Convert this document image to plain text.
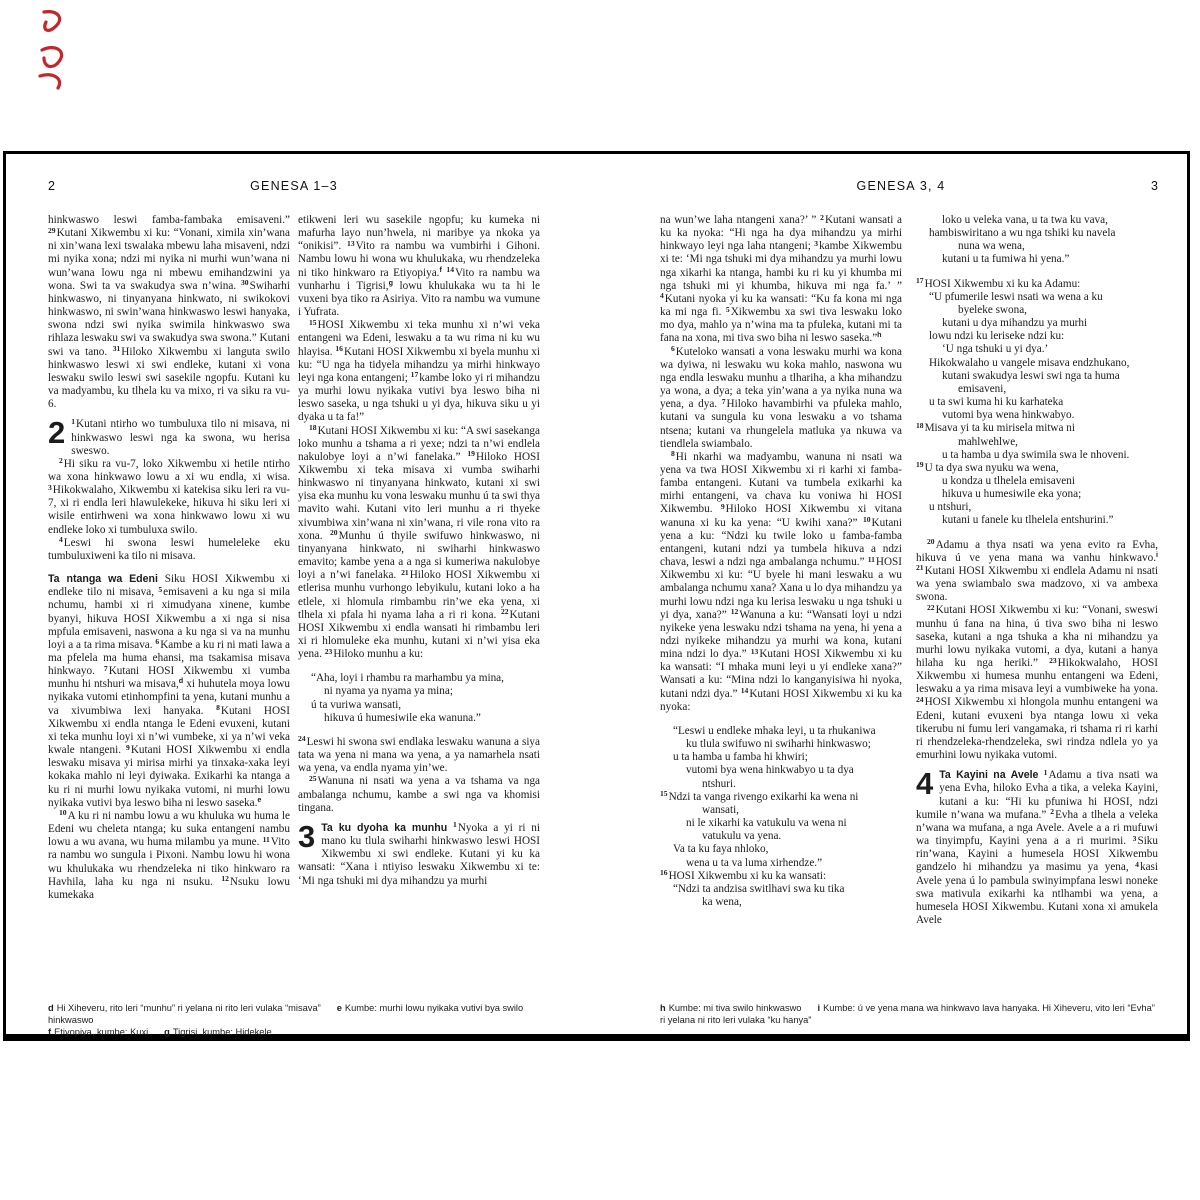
2	GENESA 1–3	GENESA 3, 4	3

hinkwaswo leswi famba-fambaka emisaveni.” $^{29}$Kutani Xikwembu xi ku: “Vonani, ximila xin’wana ni xin’wana lexi tswalaka mbewu laha misaveni, ndzi mi nyika xona; ndzi mi nyika ni murhi wun’wana ni wun’wana lowu nga ni mbewu emihandzwini ya wona. Swi ta va swakudya swa n’wina. $^{30}$Swiharhi hinkwaswo, ni tinyanyana hinkwato, ni swikokovi hinkwaswo, ni swin’wana hinkwaswo leswi hanyaka, swona ndzi swi nyika swimila hinkwaswo swa rihlaza leswaku swi va swakudya swa swona.” Kutani swi va tano. $^{31}$Hiloko Xikwembu xi languta swilo hinkwaswo leswi xi swi endleke, kutani xi vona leswaku swilo leswi swi sasekile ngopfu. Kutani ku va madyambu, ku tlhela ku va mixo, ri va siku ra vu-6.

2 $^1$Kutani ntirho wo tumbuluxa tilo ni misava, ni hinkwaswo leswi nga ka swona, wu herisa sweswo.

$^2$Hi siku ra vu-7, loko Xikwembu xi hetile ntirho wa xona hinkwawo lowu a xi wu endla, xi wisa. $^3$Hikokwalaho, Xikwembu xi katekisa siku leri ra vu-7, xi ri endla leri hlawulekeke, hikuva hi siku leri xi wisile entirhweni wa xona hinkwawo lowu xi wu endleke loko xi tumbuluxa swilo.

$^4$Leswi hi swona leswi humeleleke eku tumbuluxiweni ka tilo ni misava.

Ta ntanga wa Edeni Siku HOSI Xikwembu xi endleke tilo ni misava, $^5$emisaveni a ku nga si mila nchumu, hambi xi ri ximudyana xinene, kumbe byanyi, hikuva HOSI Xikwembu a xi nga si nisa mpfula emisaveni, naswona a ku nga si va na munhu loyi a a ta rima misava. $^6$Kambe a ku ri ni mati lawa a ma pfelela ma huma ehansi, ma tsakamisa misava hinkwayo. $^7$Kutani HOSI Xikwembu xi vumba munhu hi ntshuri wa misava,$^d$ xi huhutela moya lowu nyikaka vutomi etinhompfini ta yena, kutani munhu a va xivumbiwa lexi hanyaka. $^8$Kutani HOSI Xikwembu xi endla ntanga le Edeni evuxeni, kutani xi teka munhu loyi xi n’wi vumbeke, xi ya n’wi veka kwale ntangeni. $^9$Kutani HOSI Xikwembu xi endla leswaku misava yi mirisa mirhi ya tinxaka-xaka leyi kokaka mahlo ni leyi dyiwaka. Exikarhi ka ntanga a ku ri ni murhi lowu nyikaka vutomi, ni murhi lowu nyikaka vutivi bya leswo biha ni leswo saseka.$^e$

$^{10}$A ku ri ni nambu lowu a wu khuluka wu huma le Edeni wu cheleta ntanga; ku suka entangeni nambu lowu a wu avana, wu huma milambu ya mune. $^{11}$Vito ra nambu wo sungula i Pixoni. Nambu lowu hi wona wu khulukaka wu rhendzeleka ni tiko hinkwaro ra Havhila, laha ku nga ni nsuku. $^{12}$Nsuku lowu kumekaka

etikweni leri wu sasekile ngopfu; ku kumeka ni mafurha layo nun’hwela, ni maribye ya nkoka ya “onikisi”. $^{13}$Vito ra nambu wa vumbirhi i Gihoni. Nambu lowu hi wona wu khulukaka, wu rhendzeleka ni tiko hinkwaro ra Etiyopiya.$^f$ $^{14}$Vito ra nambu wa vunharhu i Tigrisi,$^g$ lowu khulukaka wu ta hi le vuxeni bya tiko ra Asiriya. Vito ra nambu wa vumune i Yufrata.

$^{15}$HOSI Xikwembu xi teka munhu xi n’wi veka entangeni wa Edeni, leswaku a ta wu rima ni ku wu hlayisa. $^{16}$Kutani HOSI Xikwembu xi byela munhu xi ku: “U nga ha tidyela mihandzu ya mirhi hinkwayo leyi nga kona entangeni; $^{17}$kambe loko yi ri mihandzu ya murhi lowu nyikaka vutivi bya leswo biha ni leswo saseka, u nga tshuki u yi dya, hikuva siku u yi dyaka u ta fa!”

$^{18}$Kutani HOSI Xikwembu xi ku: “A swi sasekanga loko munhu a tshama a ri yexe; ndzi ta n’wi endlela nakulobye loyi a n’wi fanelaka.” $^{19}$Hiloko HOSI Xikwembu xi teka misava xi vumba swiharhi hinkwaswo ni tinyanyana hinkwato, kutani xi swi yisa eka munhu ku vona leswaku munhu ú ta swi thya mavito wahi. Kutani vito leri munhu a ri thyeke xivumbiwa xin’wana ni xin’wana, ri vile rona vito ra xona. $^{20}$Munhu ú thyile swifuwo hinkwaswo, ni tinyanyana hinkwato, ni swiharhi hinkwaswo emavito; kambe yena a a nga si kumeriwa nakulobye loyi a n’wi fanelaka. $^{21}$Hiloko HOSI Xikwembu xi etlerisa munhu vurhongo lebyikulu, kutani loko a ha etlele, xi hlomula rimbambu rin’we eka yena, xi tlhela xi pfala hi nyama laha a ri ri kona. $^{22}$Kutani HOSI Xikwembu xi endla wansati hi rimbambu leri xi ri hlomuleke eka munhu, kutani xi n’wi yisa eka yena. $^{23}$Hiloko munhu a ku:

“Aha, loyi i rhambu ra marhambu ya mina,
ni nyama ya nyama ya mina;
ú ta vuriwa wansati,
hikuva ú humesiwile eka wanuna.”

$^{24}$Leswi hi swona swi endlaka leswaku wanuna a siya tata wa yena ni mana wa yena, a ya namarhela nsati wa yena, va endla nyama yin’we.

$^{25}$Wanuna ni nsati wa yena a va tshama va nga ambalanga nchumu, kambe a swi nga va khomisi tingana.

3 Ta ku dyoha ka munhu $^1$Nyoka a yi ri ni mano ku tlula swiharhi hinkwaswo leswi HOSI Xikwembu xi swi endleke. Kutani yi ku ka wansati: “Xana i ntiyiso leswaku Xikwembu xi te: ‘Mi nga tshuki mi dya mihandzu ya murhi

na wun’we laha ntangeni xana?’ ” $^2$Kutani wansati a ku ka nyoka: “Hi nga ha dya mihandzu ya mirhi hinkwayo leyi nga laha ntangeni; $^3$kambe Xikwembu xi te: ‘Mi nga tshuki mi dya mihandzu ya murhi lowu nga xikarhi ka ntanga, hambi ku ri ku yi khumba mi nga tshuki mi yi khumba, hikuva mi nga fa.’ ” $^4$Kutani nyoka yi ku ka wansati: “Ku fa kona mi nga ka mi nga fi. $^5$Xikwembu xa swi tiva leswaku loko mo dya, mahlo ya n’wina ma ta pfuleka, kutani mi ta fana na xona, mi tiva swo biha ni leswo saseka.”$^h$

$^6$Kuteloko wansati a vona leswaku murhi wa kona wa dyiwa, ni leswaku wu koka mahlo, naswona wu nga endla leswaku munhu a tlhariha, a kha mihandzu ya wona, a dya; a teka yin’wana a ya nyika nuna wa yena, a dya. $^7$Hiloko havambirhi va pfuleka mahlo, kutani va sungula ku vona leswaku a vo tshama ntsena; kutani va rhungelela matluka ya nkuwa va tiendlela swiambalo.

$^8$Hi nkarhi wa madyambu, wanuna ni nsati wa yena va twa HOSI Xikwembu xi ri karhi xi famba-famba entangeni. Kutani va tumbela exikarhi ka mirhi entangeni, va chava ku voniwa hi HOSI Xikwembu. $^9$Hiloko HOSI Xikwembu xi vitana wanuna xi ku ka yena: “U kwihi xana?” $^{10}$Kutani yena a ku: “Ndzi ku twile loko u famba-famba entangeni, kutani ndzi ya tumbela hikuva a ndzi chava, leswi a ndzi nga ambalanga nchumu.” $^{11}$HOSI Xikwembu xi ku: “U byele hi mani leswaku a wu ambalanga nchumu xana? Xana u lo dya mihandzu ya murhi lowu ndzi nga ku lerisa leswaku u nga tshuki u yi dya, xana?” $^{12}$Wanuna a ku: “Wansati loyi u ndzi nyikeke yena leswaku ndzi tshama na yena, hi yena a ndzi nyikeke mihandzu ya murhi wa kona, kutani mina ndzi lo dya.” $^{13}$Kutani HOSI Xikwembu xi ku ka wansati: “I mhaka muni leyi u yi endleke xana?” Wansati a ku: “Mina ndzi lo kanganyisiwa hi nyoka, kutani ndzi dya.” $^{14}$Kutani HOSI Xikwembu xi ku ka nyoka:

“Leswi u endleke mhaka leyi, u ta rhukaniwa
ku tlula swifuwo ni swiharhi hinkwaswo;
u ta hamba u famba hi khwiri;
vutomi bya wena hinkwabyo u ta dya
ntshuri.
$^{15}$Ndzi ta vanga rivengo exikarhi ka wena ni
wansati,
ni le xikarhi ka vatukulu va wena ni
vatukulu va yena.
Va ta ku faya nhloko,
wena u ta va luma xirhendze.”
$^{16}$HOSI Xikwembu xi ku ka wansati:
“Ndzi ta andzisa switlhavi swa ku tika
ka wena,
loko u veleka vana, u ta twa ku vava,
hambiswiritano a wu nga tshiki ku navela
nuna wa wena,
kutani u ta fumiwa hi yena.”
$^{17}$HOSI Xikwembu xi ku ka Adamu:
“U pfumerile leswi nsati wa wena a ku
byeleke swona,
kutani u dya mihandzu ya murhi
lowu ndzi ku leriseke ndzi ku:
‘U nga tshuki u yi dya.’
Hikokwalaho u vangele misava endzhukano,
kutani swakudya leswi swi nga ta huma
emisaveni,
u ta swi kuma hi ku karhateka
vutomi bya wena hinkwabyo.
$^{18}$Misava yi ta ku mirisela mitwa ni
mahlwehlwe,
u ta hamba u dya swimila swa le nhoveni.
$^{19}$U ta dya swa nyuku wa wena,
u kondza u tlhelela emisaveni
hikuva u humesiwile eka yona;
u ntshuri,
kutani u fanele ku tlhelela entshurini.”

$^{20}$Adamu a thya nsati wa yena evito ra Evha, hikuva ú ve yena mana wa vanhu hinkwavo.$^i$ $^{21}$Kutani HOSI Xikwembu xi endlela Adamu ni nsati wa yena swiambalo swa madzovo, xi va ambexa swona.

$^{22}$Kutani HOSI Xikwembu xi ku: “Vonani, sweswi munhu ú fana na hina, ú tiva swo biha ni leswo saseka, kutani a nga tshuka a kha ni mihandzu ya murhi lowu nyikaka vutomi, a dya, kutani a hanya hilaha ku nga heriki.” $^{23}$Hikokwalaho, HOSI Xikwembu xi humesa munhu entangeni wa Edeni, leswaku a ya rima misava leyi a vumbiweke ha yona. $^{24}$HOSI Xikwembu xi hlongola munhu entangeni wa Edeni, kutani evuxeni bya ntanga lowu xi veka tikerubu ni fumu leri vangamaka, ri tshama ri ri karhi ri rhendzeleka-rhendzeleka, swi rindza ndlela yo ya emurhini lowu nyikaka vutomi.

4 Ta Kayini na Avele $^1$Adamu a tiva nsati wa yena Evha, hiloko Evha a tika, a veleka Kayini, kutani a ku: “Hi ku pfuniwa hi HOSI, ndzi kumile n’wana wa mufana.” $^2$Evha a tlhela a veleka n’wana wa mufana, a nga Avele. Avele a a ri mufuwi wa tinyimpfu, Kayini yena a a ri murimi. $^3$Siku rin’wana, Kayini a humesela HOSI Xikwembu gandzelo hi mihandzu ya masimu ya yena, $^4$kasi Avele yena ú lo pambula swinyimpfana leswi noneke swa mativula exikarhi ka ntlhambi wa yena, a humesela HOSI Xikwembu. Kutani xona xi amukela Avele

d Hi Xiheveru, rito leri “munhu” ri yelana ni rito leri vulaka “misava” e Kumbe: murhi lowu nyikaka vutivi bya swilo hinkwaswo
f Etiyopiya, kumbe: Kuxi g Tigrisi, kumbe: Hidekele
h Kumbe: mi tiva swilo hinkwaswo i Kumbe: ú ve yena mana wa hinkwavo lava hanyaka. Hi Xiheveru, vito leri “Evha” ri yelana ni rito leri vulaka “ku hanya”
